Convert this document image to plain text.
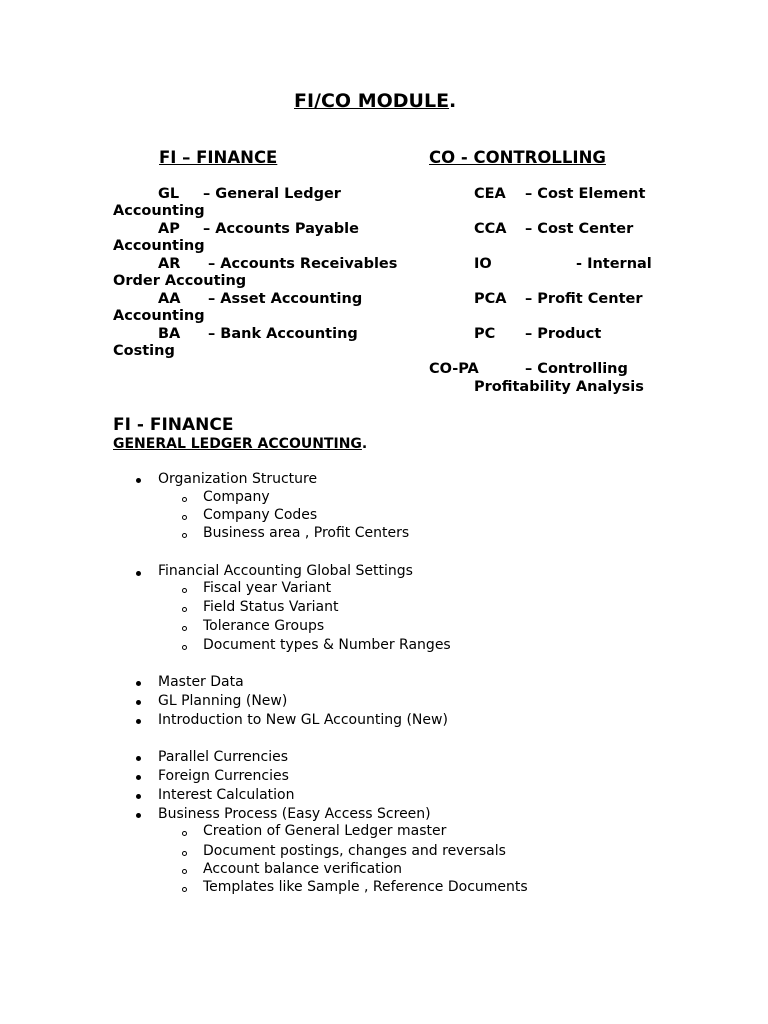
FI/CO MODULE.
FI – FINANCE	CO - CONTROLLING
GL – General Ledger
Accounting
AP – Accounts Payable
Accounting
AR – Accounts Receivables
Order Accouting
AA – Asset Accounting
Accounting
BA – Bank Accounting
Costing
CEA – Cost Element
CCA – Cost Center
IO	- Internal
PCA – Profit Center
PC – Product
CO-PA	– Controlling
Profitability Analysis
FI - FINANCE
GENERAL LEDGER ACCOUNTING.
Organization Structure
Company
Company Codes
Business area , Profit Centers
Financial Accounting Global Settings
Fiscal year Variant
Field Status Variant
Tolerance Groups
Document types & Number Ranges
Master Data
GL Planning (New)
Introduction to New GL Accounting (New)
Parallel Currencies
Foreign Currencies
Interest Calculation
Business Process (Easy Access Screen)
Creation of General Ledger master
Document postings, changes and reversals
Account balance verification
Templates like Sample , Reference Documents
